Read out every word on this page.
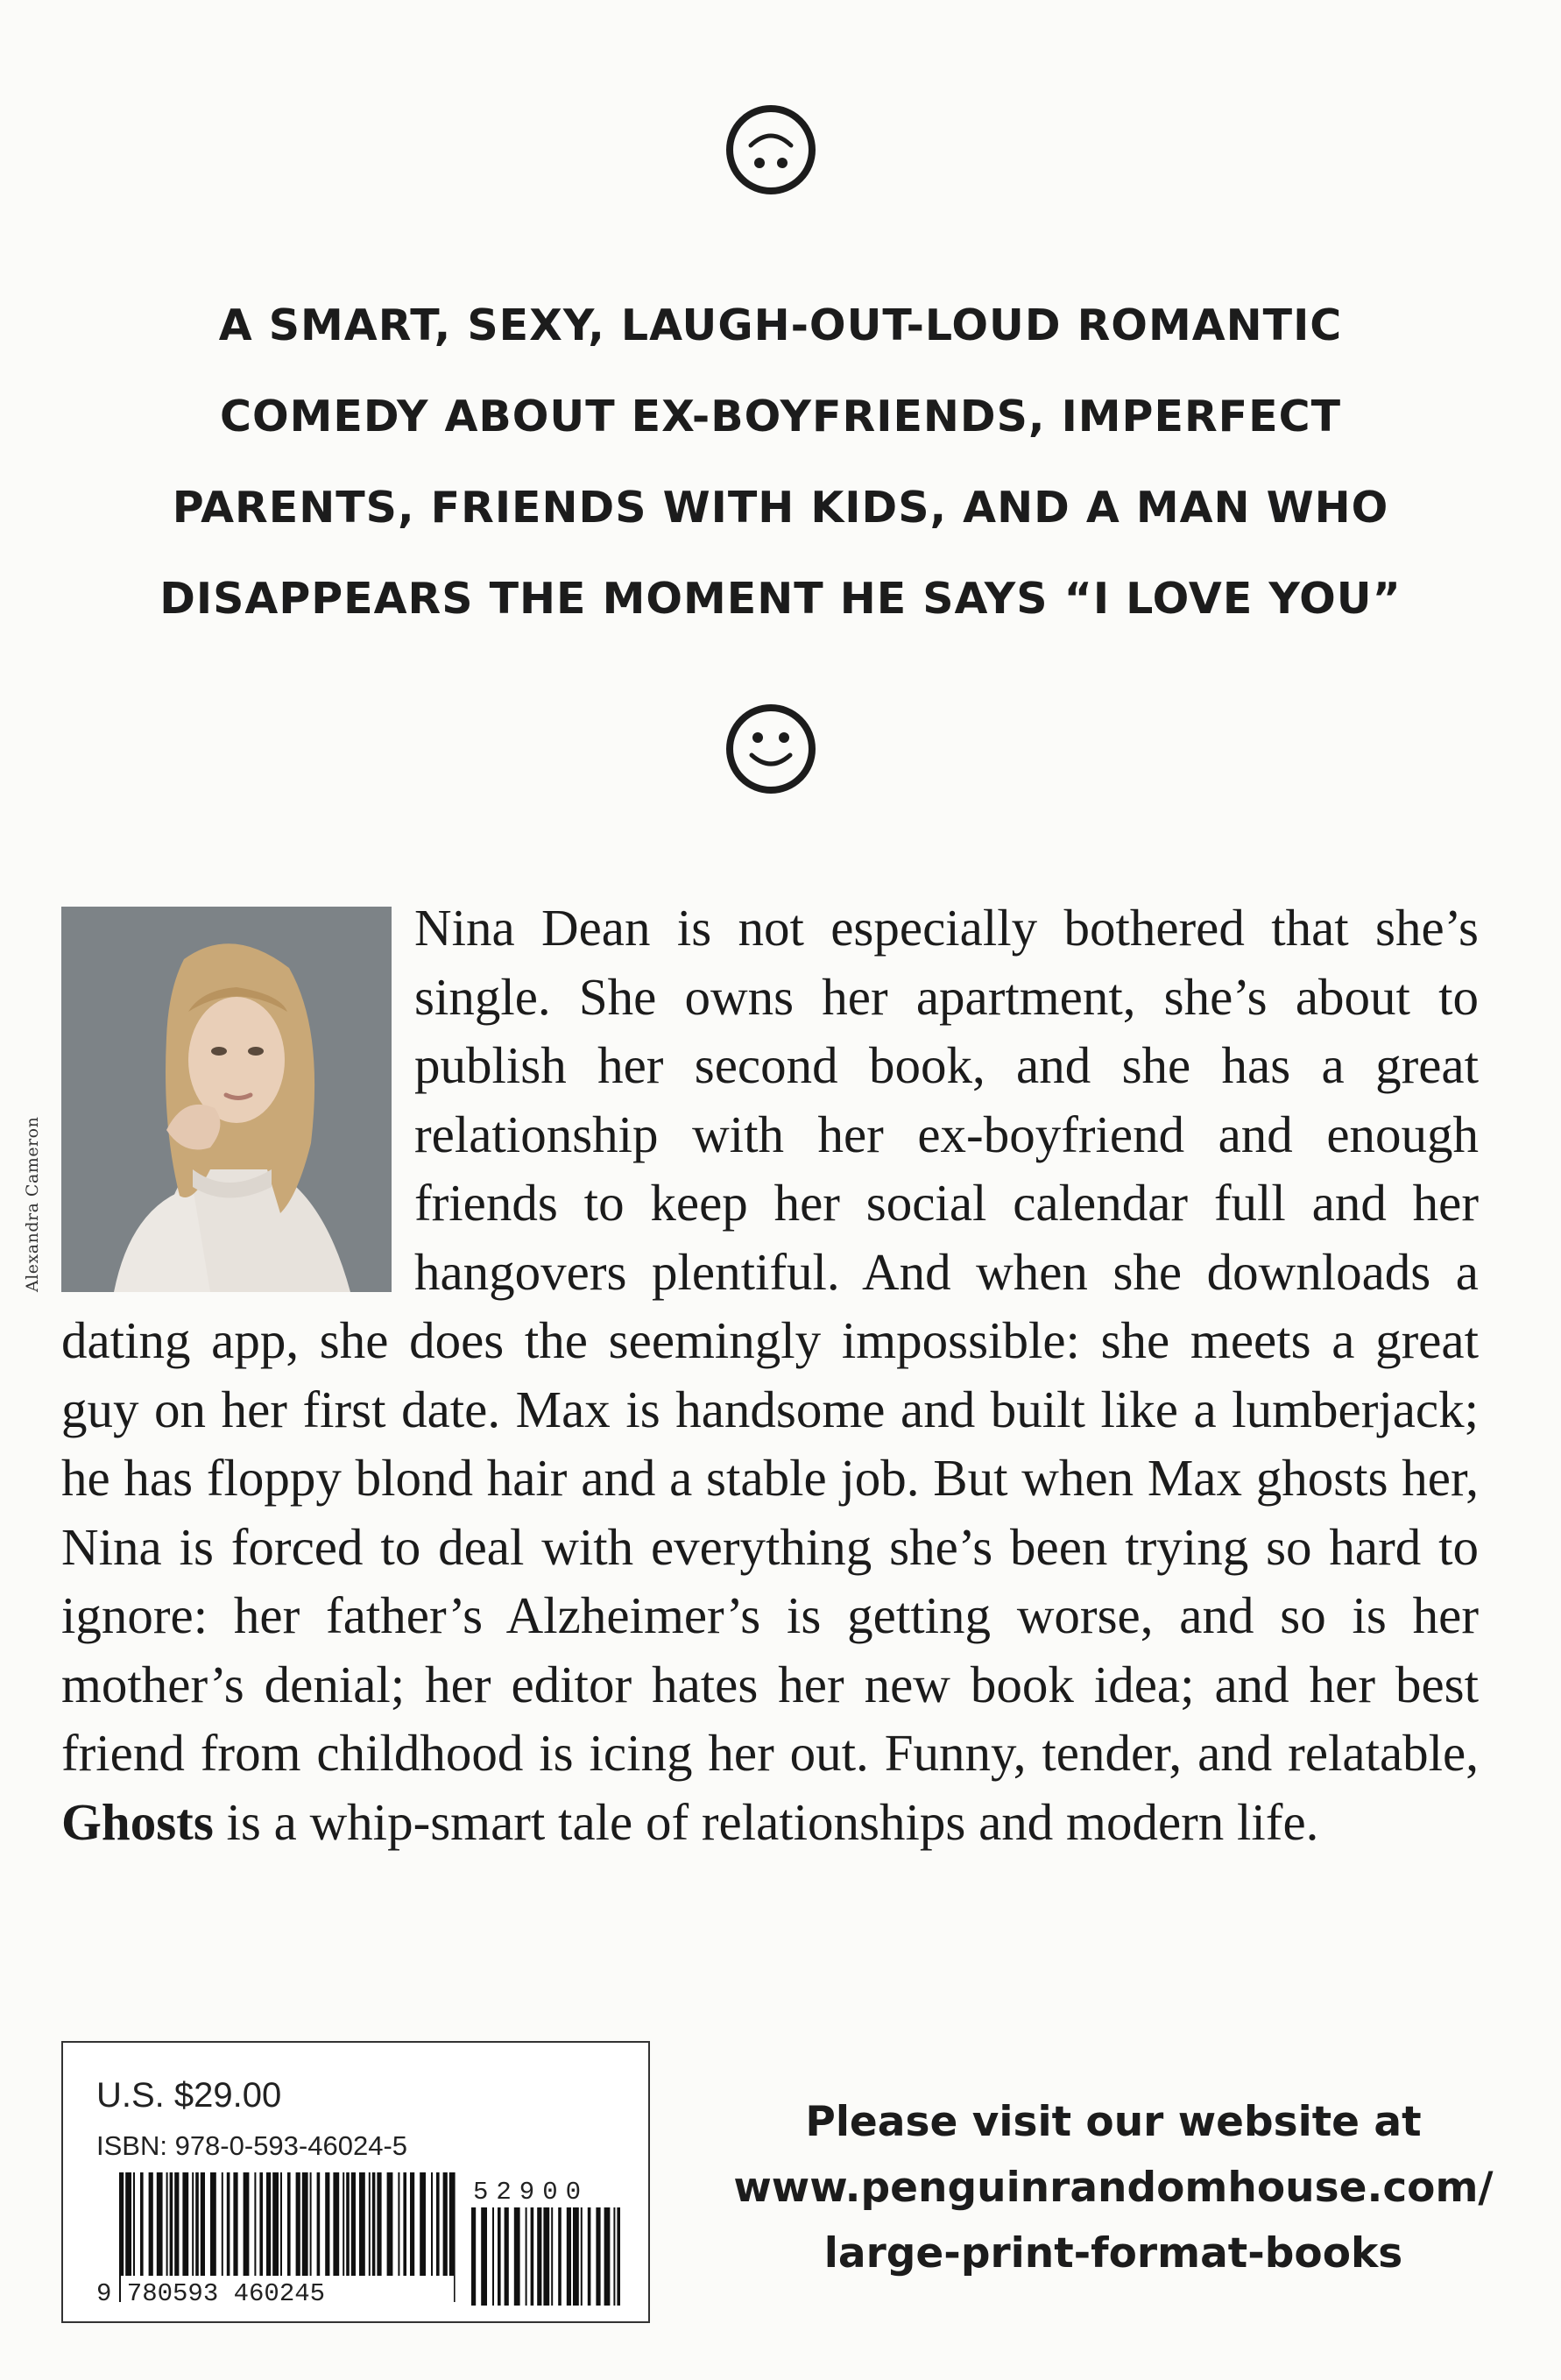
A SMART, SEXY, LAUGH-OUT-LOUD ROMANTIC
COMEDY ABOUT EX-BOYFRIENDS, IMPERFECT
PARENTS, FRIENDS WITH KIDS, AND A MAN WHO
DISAPPEARS THE MOMENT HE SAYS “I LOVE YOU”
Alexandra Cameron
Nina Dean is not especially bothered that she’s single. She owns her apartment, she’s about to publish her second book, and she has a great relationship with her ex-boyfriend and enough friends to keep her social calendar full and her hangovers plentiful. And when she downloads a dating app, she does the seemingly impossible: she meets a great guy on her first date. Max is handsome and built like a lumberjack; he has floppy blond hair and a stable job. But when Max ghosts her, Nina is forced to deal with everything she’s been trying so hard to ignore: her father’s Alzheimer’s is getting worse, and so is her mother’s denial; her editor hates her new book idea; and her best friend from childhood is icing her out. Funny, tender, and relatable, Ghosts is a whip-smart tale of relationships and modern life.
U.S. $29.00
ISBN: 978-0-593-46024-5
9 780593 460245
52900
Please visit our website at
www.penguinrandomhouse.com/
large-print-format-books
